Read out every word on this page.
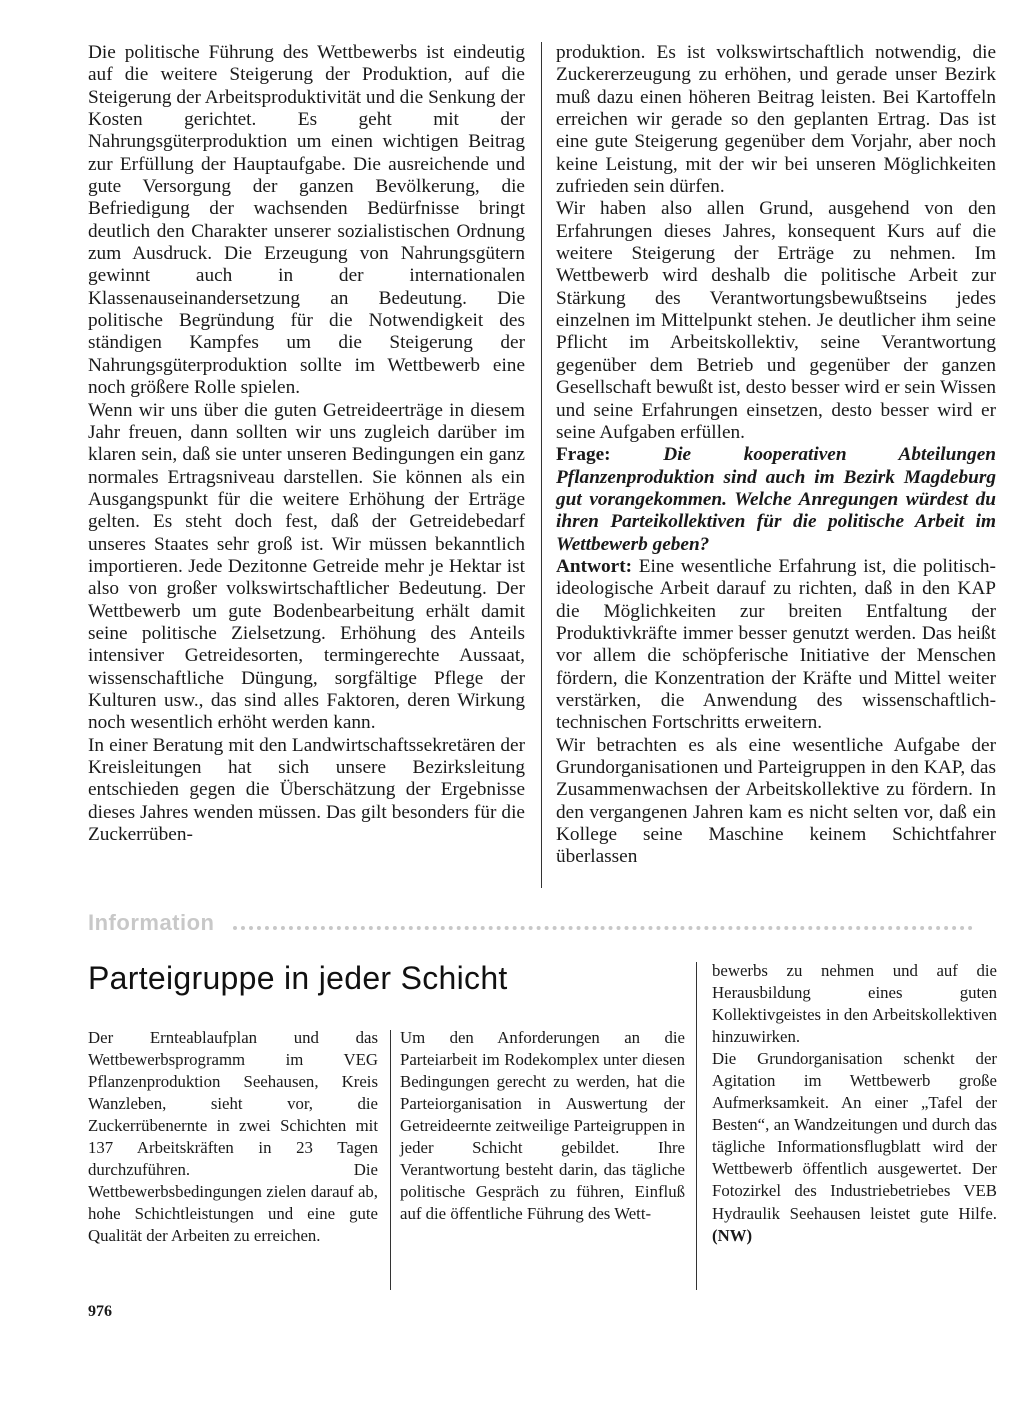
Die politische Führung des Wettbewerbs ist eindeutig auf die weitere Steigerung der Produktion, auf die Steigerung der Arbeitsproduktivität und die Senkung der Kosten gerichtet. Es geht mit der Nahrungsgüterproduktion um einen wichtigen Beitrag zur Erfüllung der Hauptaufgabe. Die ausreichende und gute Versorgung der ganzen Bevölkerung, die Befriedigung der wachsenden Bedürfnisse bringt deutlich den Charakter unserer sozialistischen Ordnung zum Ausdruck. Die Erzeugung von Nahrungsgütern gewinnt auch in der internationalen Klassenauseinandersetzung an Bedeutung. Die politische Begründung für die Notwendigkeit des ständigen Kampfes um die Steigerung der Nahrungsgüterproduktion sollte im Wettbewerb eine noch größere Rolle spielen.

Wenn wir uns über die guten Getreideerträge in diesem Jahr freuen, dann sollten wir uns zugleich darüber im klaren sein, daß sie unter unseren Bedingungen ein ganz normales Ertragsniveau darstellen. Sie können als ein Ausgangspunkt für die weitere Erhöhung der Erträge gelten. Es steht doch fest, daß der Getreidebedarf unseres Staates sehr groß ist. Wir müssen bekanntlich importieren. Jede Dezitonne Getreide mehr je Hektar ist also von großer volkswirtschaftlicher Bedeutung. Der Wettbewerb um gute Bodenbearbeitung erhält damit seine politische Zielsetzung. Erhöhung des Anteils intensiver Getreidesorten, termingerechte Aussaat, wissenschaftliche Düngung, sorgfältige Pflege der Kulturen usw., das sind alles Faktoren, deren Wirkung noch wesentlich erhöht werden kann.

In einer Beratung mit den Landwirtschaftssekretären der Kreisleitungen hat sich unsere Bezirksleitung entschieden gegen die Überschätzung der Ergebnisse dieses Jahres wenden müssen. Das gilt besonders für die Zuckerrüben-

produktion. Es ist volkswirtschaftlich notwendig, die Zuckererzeugung zu erhöhen, und gerade unser Bezirk muß dazu einen höheren Beitrag leisten. Bei Kartoffeln erreichen wir gerade so den geplanten Ertrag. Das ist eine gute Steigerung gegenüber dem Vorjahr, aber noch keine Leistung, mit der wir bei unseren Möglichkeiten zufrieden sein dürfen.

Wir haben also allen Grund, ausgehend von den Erfahrungen dieses Jahres, konsequent Kurs auf die weitere Steigerung der Erträge zu nehmen. Im Wettbewerb wird deshalb die politische Arbeit zur Stärkung des Verantwortungsbewußtseins jedes einzelnen im Mittelpunkt stehen. Je deutlicher ihm seine Pflicht im Arbeitskollektiv, seine Verantwortung gegenüber dem Betrieb und gegenüber der ganzen Gesellschaft bewußt ist, desto besser wird er sein Wissen und seine Erfahrungen einsetzen, desto besser wird er seine Aufgaben erfüllen.

Frage:	Die kooperativen Abteilungen Pflanzenproduktion sind auch im Bezirk Magdeburg gut vorangekommen. Welche Anregungen würdest du ihren Parteikollektiven für die politische Arbeit im Wettbewerb geben?

Antwort: Eine wesentliche Erfahrung ist, die politisch-ideologische Arbeit darauf zu richten, daß in den KAP die Möglichkeiten zur breiten Entfaltung der Produktivkräfte immer besser genutzt werden. Das heißt vor allem die schöpferische Initiative der Menschen fördern, die Konzentration der Kräfte und Mittel weiter verstärken, die Anwendung des wissenschaftlich-technischen Fortschritts erweitern.

Wir betrachten es als eine wesentliche Aufgabe der Grundorganisationen und Parteigruppen in den KAP, das Zusammenwachsen der Arbeitskollektive zu fördern. In den vergangenen Jahren kam es nicht selten vor, daß ein Kollege seine Maschine keinem Schichtfahrer überlassen

Information
Parteigruppe in jeder Schicht

Der Ernteablaufplan und das Wettbewerbsprogramm im VEG Pflanzenproduktion Seehausen, Kreis Wanzleben, sieht vor, die Zuckerrübenernte in zwei Schichten mit 137 Arbeitskräften in 23 Tagen durchzuführen. Die Wettbewerbsbedingungen zielen darauf ab, hohe Schichtleistungen und eine gute Qualität der Arbeiten zu erreichen.

Um den Anforderungen an die Parteiarbeit im Rodekomplex unter diesen Bedingungen gerecht zu werden, hat die Parteiorganisation in Auswertung der Getreideernte zeitweilige Parteigruppen in jeder Schicht gebildet. Ihre Verantwortung besteht darin, das tägliche politische Gespräch zu führen, Einfluß auf die öffentliche Führung des Wett-

bewerbs zu nehmen und auf die Herausbildung eines guten Kollektivgeistes in den Arbeitskollektiven hinzuwirken.

Die Grundorganisation schenkt der Agitation im Wettbewerb große Aufmerksamkeit. An einer „Tafel der Besten“, an Wandzeitungen und durch das tägliche Informationsflugblatt wird der Wettbewerb öffentlich ausgewertet. Der Fotozirkel des Industriebetriebes VEB Hydraulik Seehausen leistet gute Hilfe. (NW)

976
